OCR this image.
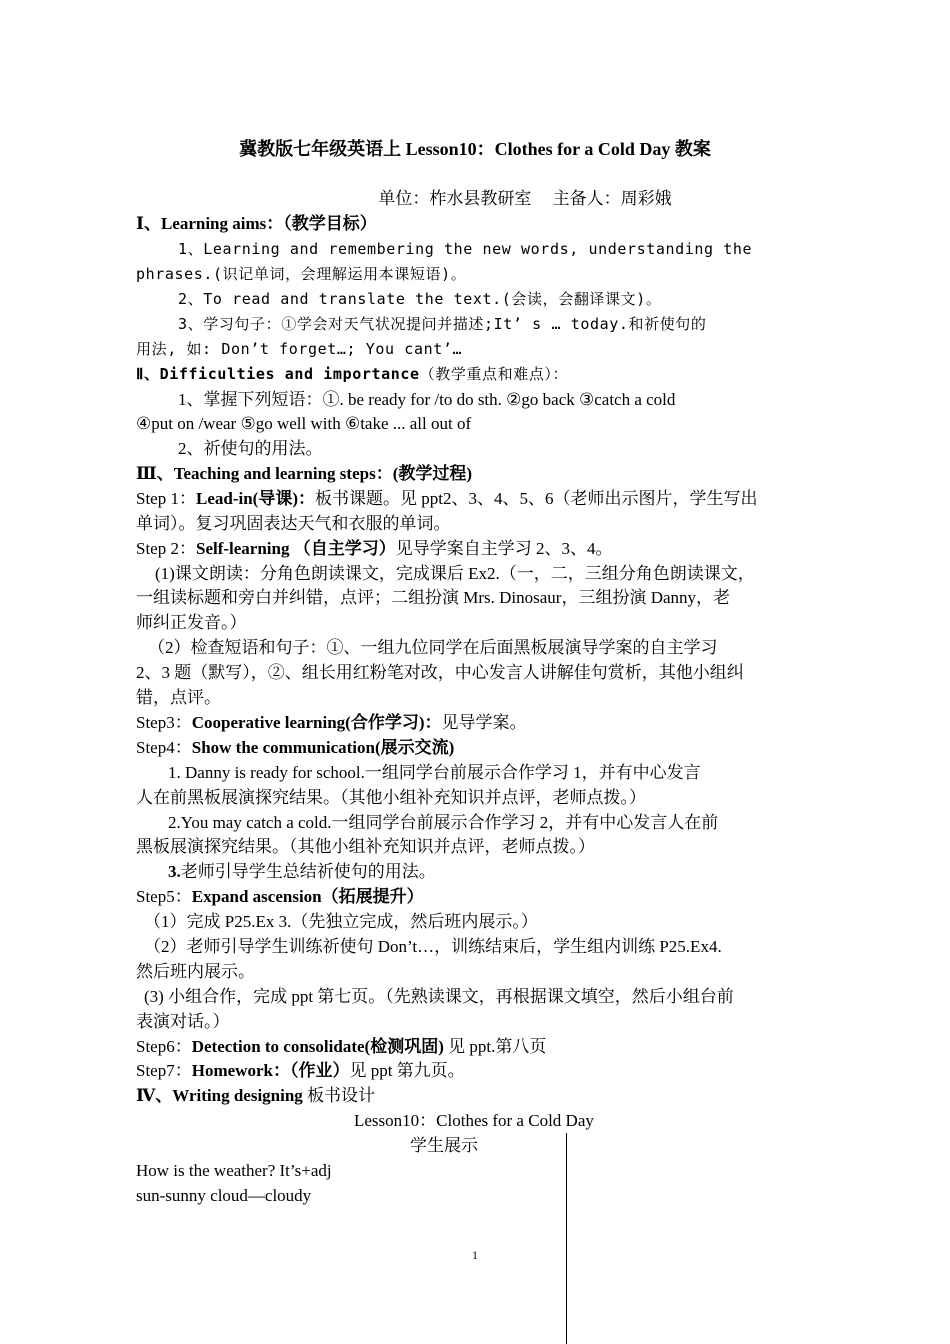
冀教版七年级英语上 Lesson10：Clothes for a Cold Day 教案
单位：柞水县教研室　 主备人：周彩娥
Ⅰ、Learning aims：（教学目标）
1、Learning and remembering the new words, understanding the
phrases.(识记单词，会理解运用本课短语)。
2、To read and translate the text.(会读，会翻译课文)。
3、学习句子：①学会对天气状况提问并描述;It’ s … today.和祈使句的
用法, 如: Don’t forget…; You cant’…
Ⅱ、Difficulties and importance（教学重点和难点）：
1、掌握下列短语：①. be ready for /to do sth. ②go back ③catch a cold
④put on /wear ⑤go well with ⑥take ... all out of
2、祈使句的用法。
Ⅲ、Teaching and learning steps：(教学过程)
Step 1：Lead-in(导课)：板书课题。见 ppt2、3、4、5、6（老师出示图片，学生写出
单词）。复习巩固表达天气和衣服的单词。
Step 2：Self-learning （自主学习）见导学案自主学习 2、3、4。
(1)课文朗读：分角色朗读课文，完成课后 Ex2.（一，二，三组分角色朗读课文，
一组读标题和旁白并纠错，点评；二组扮演 Mrs. Dinosaur，三组扮演 Danny，老
师纠正发音。）
（2）检查短语和句子：①、一组九位同学在后面黑板展演导学案的自主学习
2、3 题（默写），②、组长用红粉笔对改，中心发言人讲解佳句赏析，其他小组纠
错，点评。
Step3：Cooperative learning(合作学习)：见导学案。
Step4：Show the communication(展示交流)
1. Danny is ready for school.一组同学台前展示合作学习 1，并有中心发言
人在前黑板展演探究结果。（其他小组补充知识并点评，老师点拨。）
2.You may catch a cold.一组同学台前展示合作学习 2，并有中心发言人在前
黑板展演探究结果。（其他小组补充知识并点评，老师点拨。）
3.老师引导学生总结祈使句的用法。
Step5：Expand ascension（拓展提升）
（1）完成 P25.Ex 3.（先独立完成，然后班内展示。）
（2）老师引导学生训练祈使句 Don’t…，训练结束后，学生组内训练 P25.Ex4.
然后班内展示。
(3) 小组合作，完成 ppt 第七页。（先熟读课文，再根据课文填空，然后小组台前
表演对话。）
Step6：Detection to consolidate(检测巩固) 见 ppt.第八页
Step7：Homework：（作业）见 ppt 第九页。
Ⅳ、Writing designing 板书设计
Lesson10：Clothes for a Cold Day
学生展示
How is the weather? It’s+adj
sun-sunny cloud—cloudy
1
